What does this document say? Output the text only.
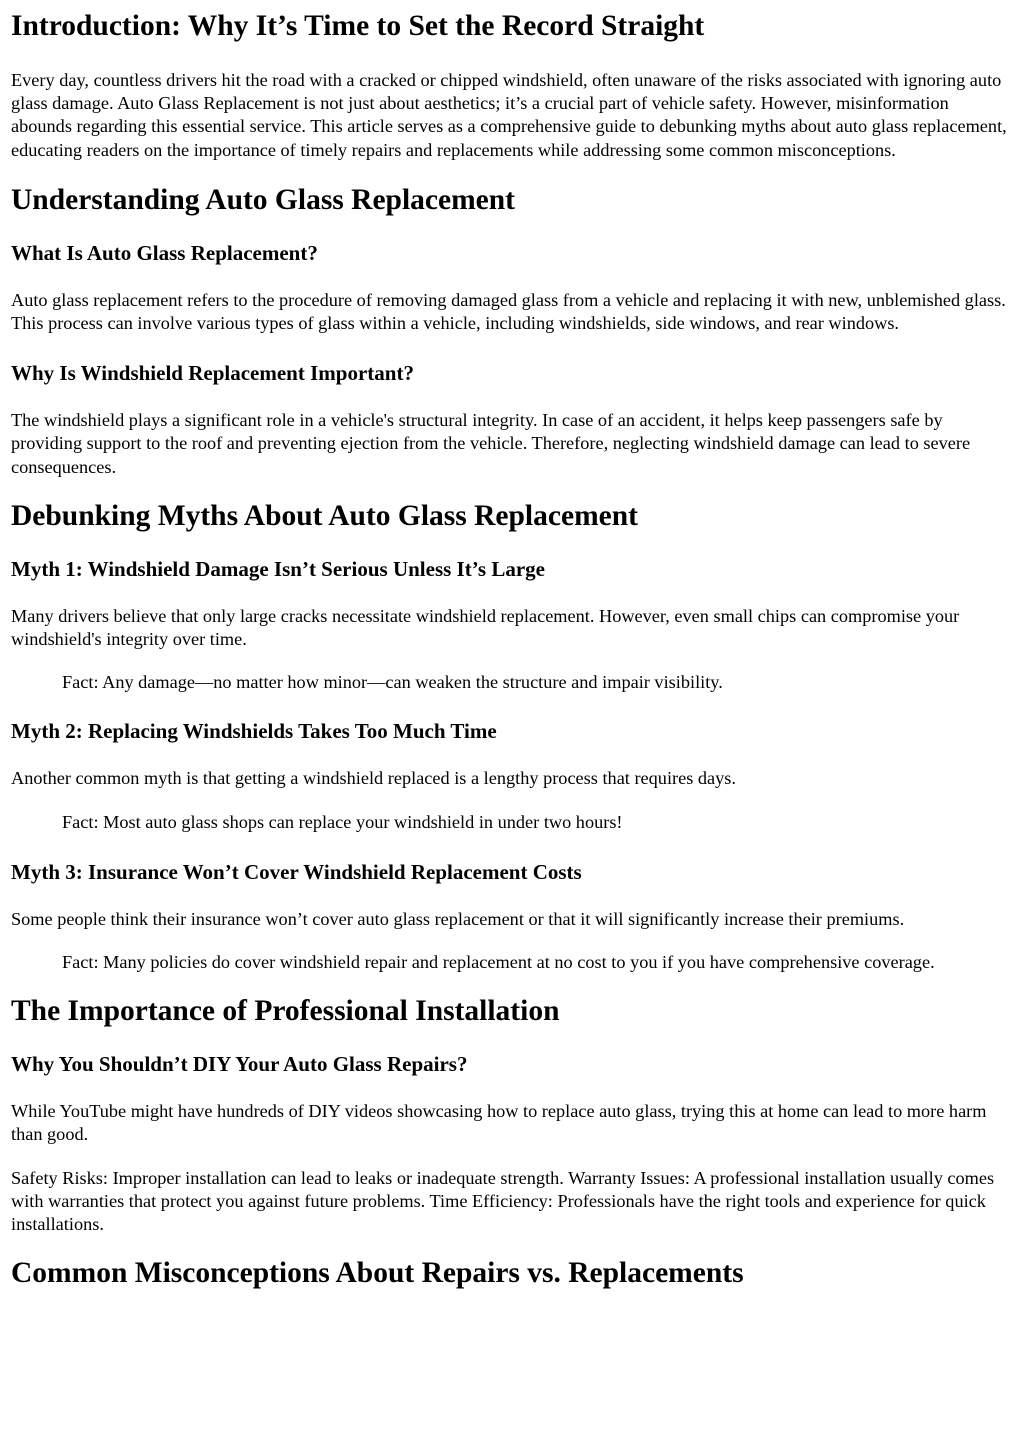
Introduction: Why It’s Time to Set the Record Straight

Every day, countless drivers hit the road with a cracked or chipped windshield, often unaware of the risks associated with ignoring auto glass damage. Auto Glass Replacement is not just about aesthetics; it’s a crucial part of vehicle safety. However, misinformation abounds regarding this essential service. This article serves as a comprehensive guide to debunking myths about auto glass replacement, educating readers on the importance of timely repairs and replacements while addressing some common misconceptions.

Understanding Auto Glass Replacement
What Is Auto Glass Replacement?

Auto glass replacement refers to the procedure of removing damaged glass from a vehicle and replacing it with new, unblemished glass. This process can involve various types of glass within a vehicle, including windshields, side windows, and rear windows.

Why Is Windshield Replacement Important?

The windshield plays a significant role in a vehicle's structural integrity. In case of an accident, it helps keep passengers safe by providing support to the roof and preventing ejection from the vehicle. Therefore, neglecting windshield damage can lead to severe consequences.

Debunking Myths About Auto Glass Replacement
Myth 1: Windshield Damage Isn’t Serious Unless It’s Large

Many drivers believe that only large cracks necessitate windshield replacement. However, even small chips can compromise your windshield's integrity over time.

Fact: Any damage—no matter how minor—can weaken the structure and impair visibility.
Myth 2: Replacing Windshields Takes Too Much Time

Another common myth is that getting a windshield replaced is a lengthy process that requires days.

Fact: Most auto glass shops can replace your windshield in under two hours!
Myth 3: Insurance Won’t Cover Windshield Replacement Costs

Some people think their insurance won’t cover auto glass replacement or that it will significantly increase their premiums.

Fact: Many policies do cover windshield repair and replacement at no cost to you if you have comprehensive coverage.
The Importance of Professional Installation
Why You Shouldn’t DIY Your Auto Glass Repairs?

While YouTube might have hundreds of DIY videos showcasing how to replace auto glass, trying this at home can lead to more harm than good.

Safety Risks: Improper installation can lead to leaks or inadequate strength. Warranty Issues: A professional installation usually comes with warranties that protect you against future problems. Time Efficiency: Professionals have the right tools and experience for quick installations.

Common Misconceptions About Repairs vs. Replacements
